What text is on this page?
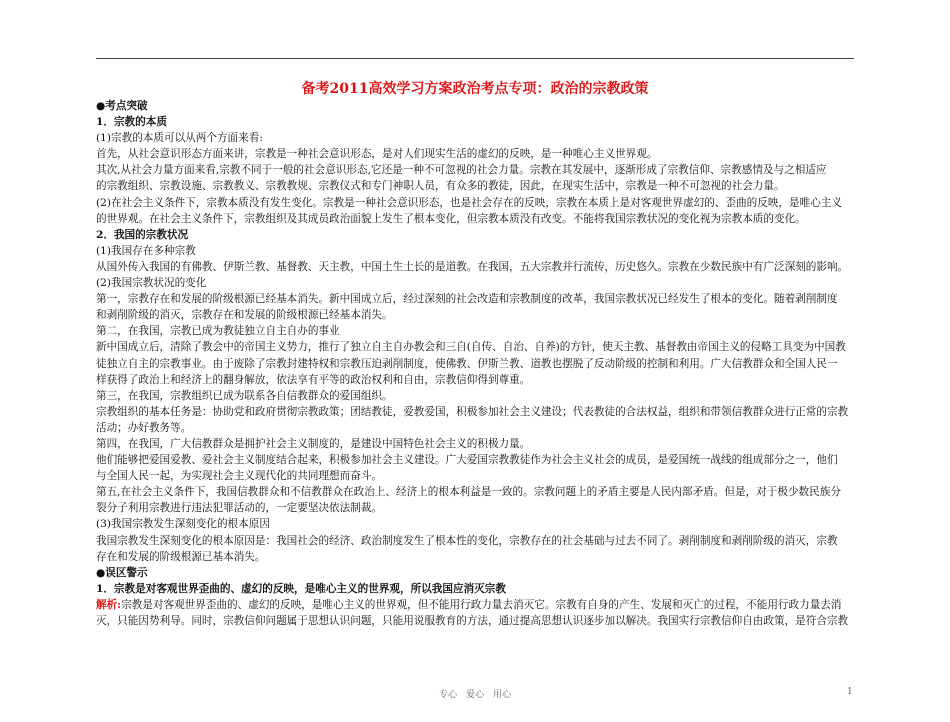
备考2011高效学习方案政治考点专项：政治的宗教政策
● 考点突破
1．宗教的本质
(1)宗教的本质可以从两个方面来看:
首先，从社会意识形态方面来讲，宗教是一种社会意识形态，是对人们现实生活的虚幻的反映，是一种唯心主义世界观。
其次,从社会力量方面来看,宗教不同于一般的社会意识形态,它还是一种不可忽视的社会力量。宗教在其发展中，逐渐形成了宗教信仰、宗教感情及与之相适应
的宗教组织、宗教设施、宗教教义、宗教教规、宗教仪式和专门神职人员，有众多的教徒，因此，在现实生活中，宗教是一种不可忽视的社会力量。
(2)在社会主义条件下，宗教本质没有发生变化。宗教是一种社会意识形态，也是社会存在的反映，宗教在本质上是对客观世界虚幻的、歪曲的反映，是唯心主义
的世界观。在社会主义条件下，宗教组织及其成员政治面貌上发生了根本变化，但宗教本质没有改变。不能将我国宗教状况的变化视为宗教本质的变化。
2．我国的宗教状况
(1)我国存在多种宗教
从国外传入我国的有佛教、伊斯兰教、基督教、天主教，中国土生土长的是道教。在我国，五大宗教并行流传，历史悠久。宗教在少数民族中有广泛深刻的影响。
(2)我国宗教状况的变化
第一，宗教存在和发展的阶级根源已经基本消失。新中国成立后，经过深刻的社会改造和宗教制度的改革，我国宗教状况已经发生了根本的变化。随着剥削制度
和剥削阶级的消灭，宗教存在和发展的阶级根源已经基本消失。
第二，在我国，宗教已成为教徒独立自主自办的事业
新中国成立后，清除了教会中的帝国主义势力，推行了独立自主自办教会和三自(自传、自治、自养)的方针，使天主教、基督教由帝国主义的侵略工具变为中国教
徒独立自主的宗教事业。由于废除了宗教封建特权和宗教压迫剥削制度，使佛教、伊斯兰教、道教也摆脱了反动阶级的控制和利用。广大信教群众和全国人民一
样获得了政治上和经济上的翻身解放，依法享有平等的政治权利和自由，宗教信仰得到尊重。
第三，在我国，宗教组织已成为联系各自信教群众的爱国组织。
宗教组织的基本任务是：协助党和政府贯彻宗教政策；团结教徒，爱教爱国，积极参加社会主义建设；代表教徒的合法权益，组织和带领信教群众进行正常的宗教
活动；办好教务等。
第四，在我国，广大信教群众是拥护社会主义制度的，是建设中国特色社会主义的积极力量。
他们能够把爱国爱教、爱社会主义制度结合起来，积极参加社会主义建设。广大爱国宗教教徒作为社会主义社会的成员，是爱国统一战线的组成部分之一，他们
与全国人民一起，为实现社会主义现代化的共同理想而奋斗。
第五,在社会主义条件下，我国信教群众和不信教群众在政治上、经济上的根本利益是一致的。宗教问题上的矛盾主要是人民内部矛盾。但是，对于极少数民族分
裂分子利用宗教进行违法犯罪活动的，一定要坚决依法制裁。
(3)我国宗教发生深刻变化的根本原因
我国宗教发生深刻变化的根本原因是：我国社会的经济、政治制度发生了根本性的变化，宗教存在的社会基础与过去不同了。剥削制度和剥削阶级的消灭，宗教
存在和发展的阶级根源已基本消失。
● 误区警示
1．宗教是对客观世界歪曲的、虚幻的反映，是唯心主义的世界观，所以我国应消灭宗教
解析:宗教是对客观世界歪曲的、虚幻的反映，是唯心主义的世界观，但不能用行政力量去消灭它。宗教有自身的产生、发展和灭亡的过程，不能用行政力量去消
灭，只能因势利导。同时，宗教信仰问题属于思想认识问题，只能用说服教育的方法，通过提高思想认识逐步加以解决。我国实行宗教信仰自由政策，是符合宗教
专心　爱心　用心	1
